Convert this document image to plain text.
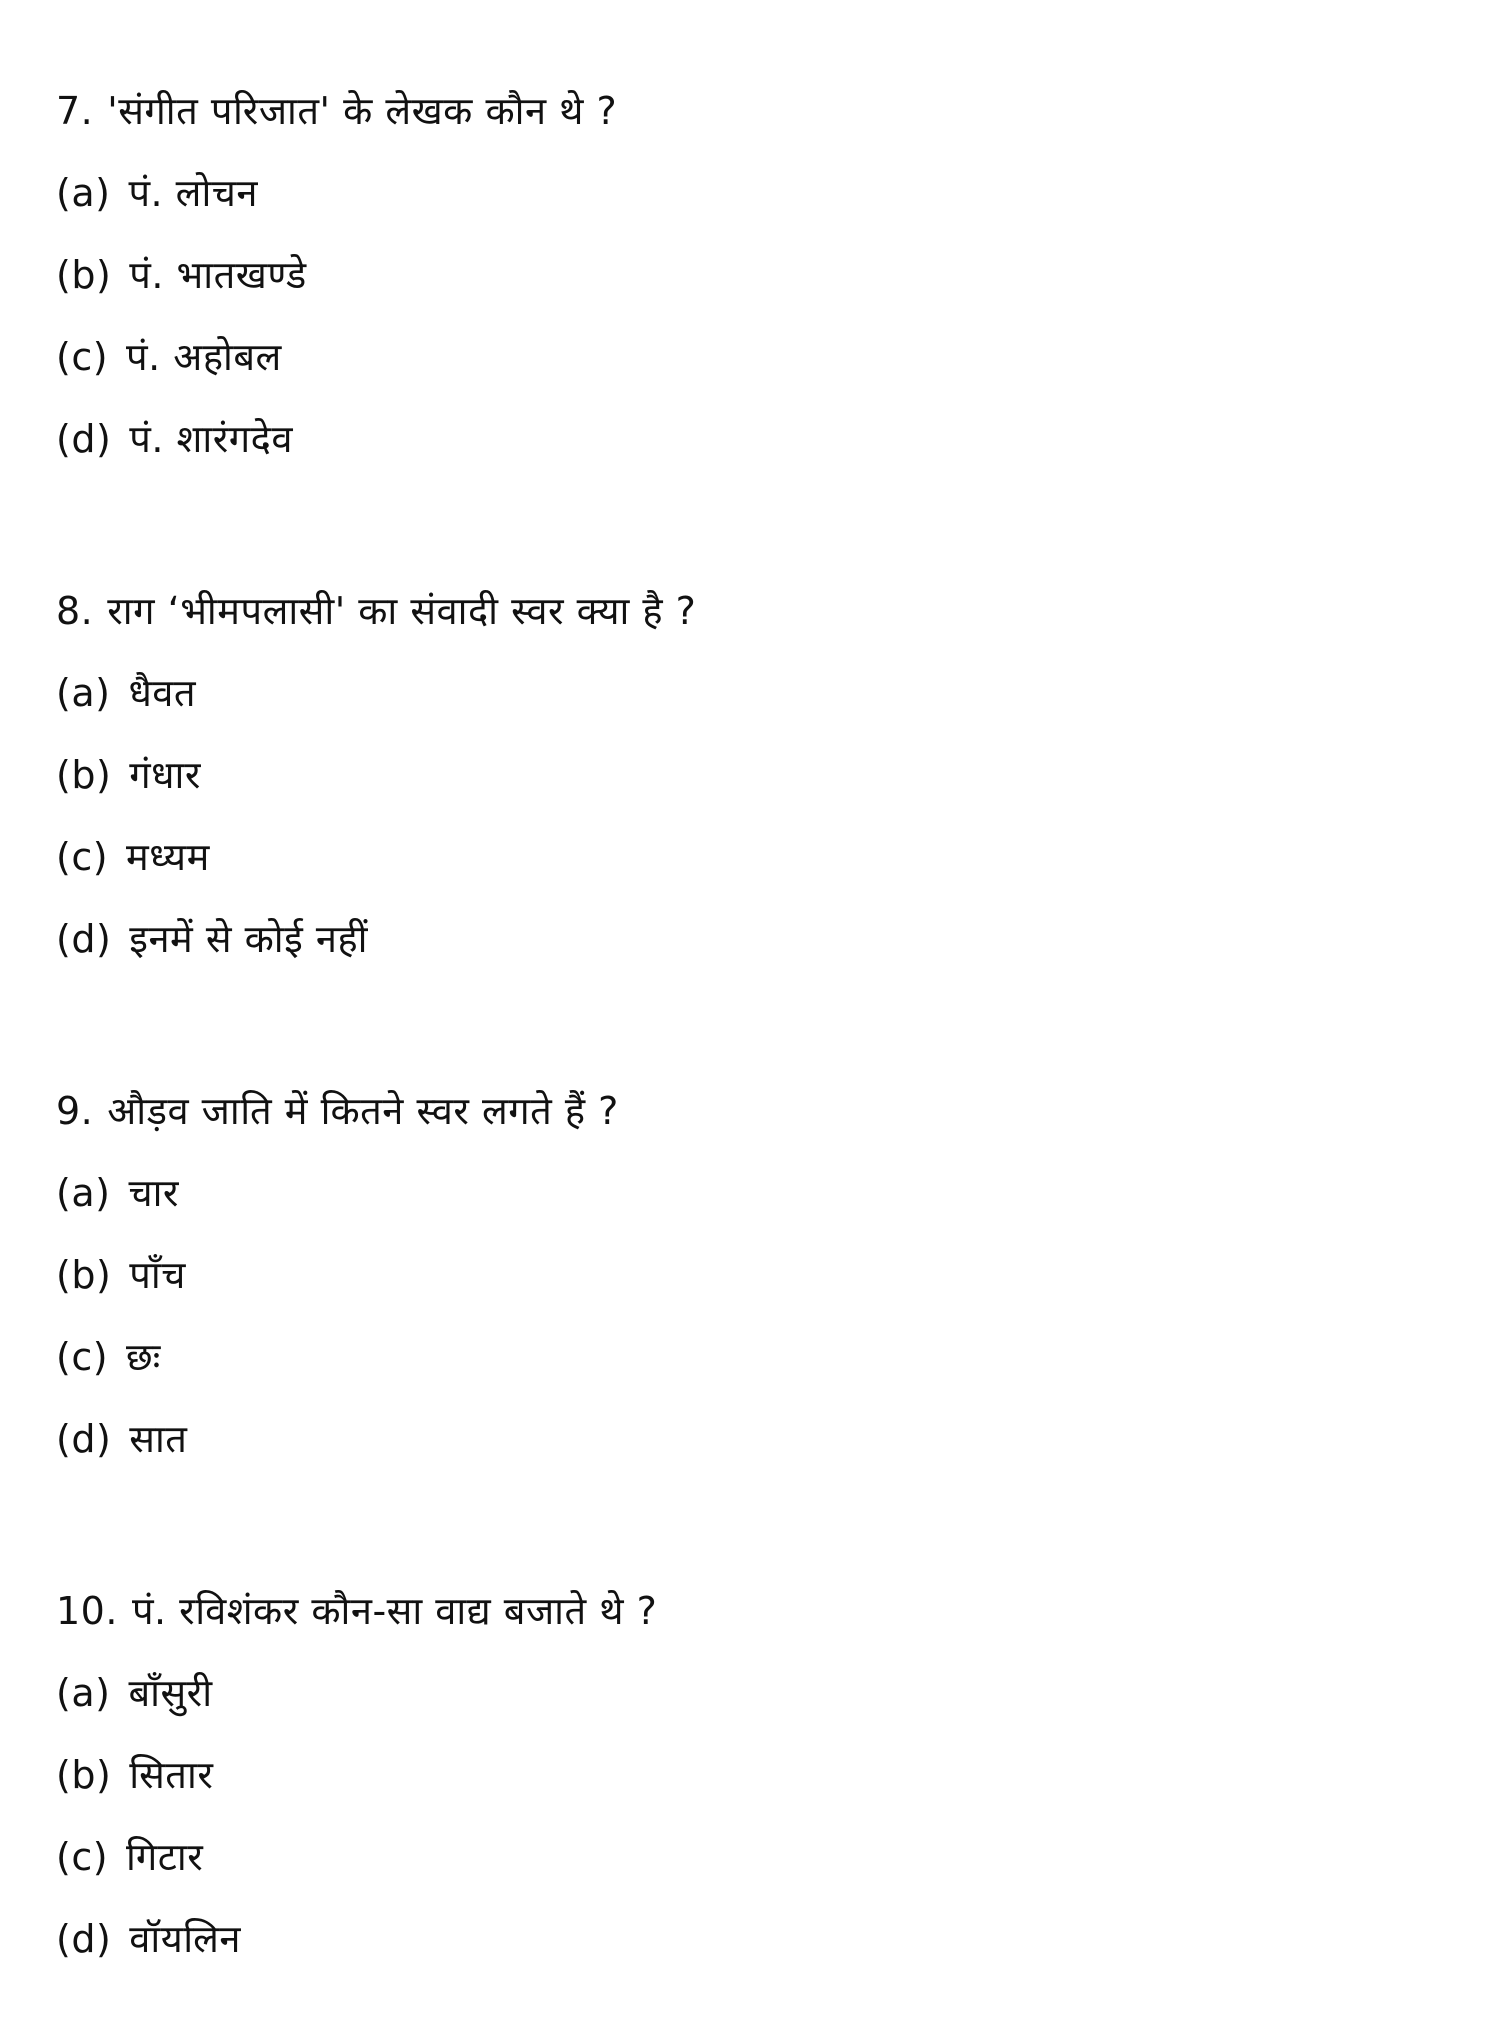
7. 'संगीत परिजात' के लेखक कौन थे ?
(a) पं. लोचन
(b) पं. भातखण्डे
(c) पं. अहोबल
(d) पं. शारंगदेव
8. राग ‘भीमपलासी' का संवादी स्वर क्या है ?
(a) धैवत
(b) गंधार
(c) मध्यम
(d) इनमें से कोई नहीं
9. औड़व जाति में कितने स्वर लगते हैं ?
(a) चार
(b) पाँच
(c) छः
(d) सात
10. पं. रविशंकर कौन-सा वाद्य बजाते थे ?
(a) बाँसुरी
(b) सितार
(c) गिटार
(d) वॉयलिन
